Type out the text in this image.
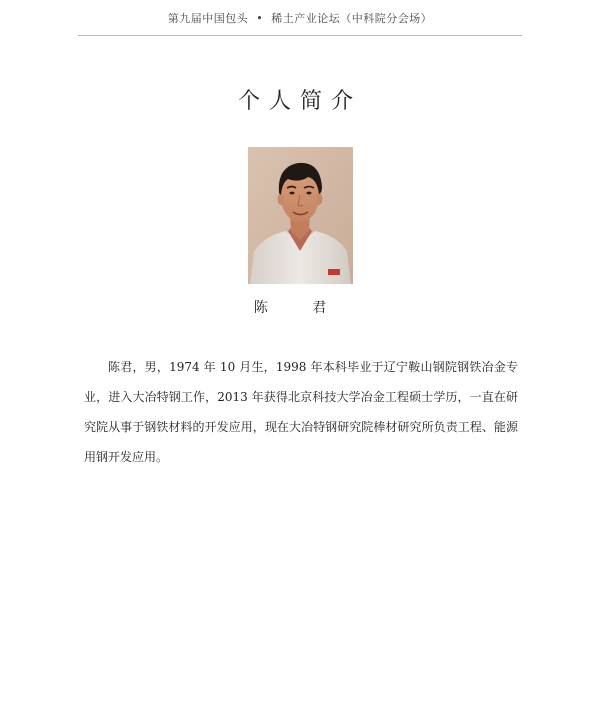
第九届中国包头 • 稀土产业论坛（中科院分会场）
个人简介
陈 君

陈君，男，1974 年 10 月生，1998 年本科毕业于辽宁鞍山钢院钢铁冶金专业，进入大冶特钢工作，2013 年获得北京科技大学冶金工程硕士学历，一直在研究院从事于钢铁材料的开发应用，现在大冶特钢研究院棒材研究所负责工程、能源用钢开发应用。
